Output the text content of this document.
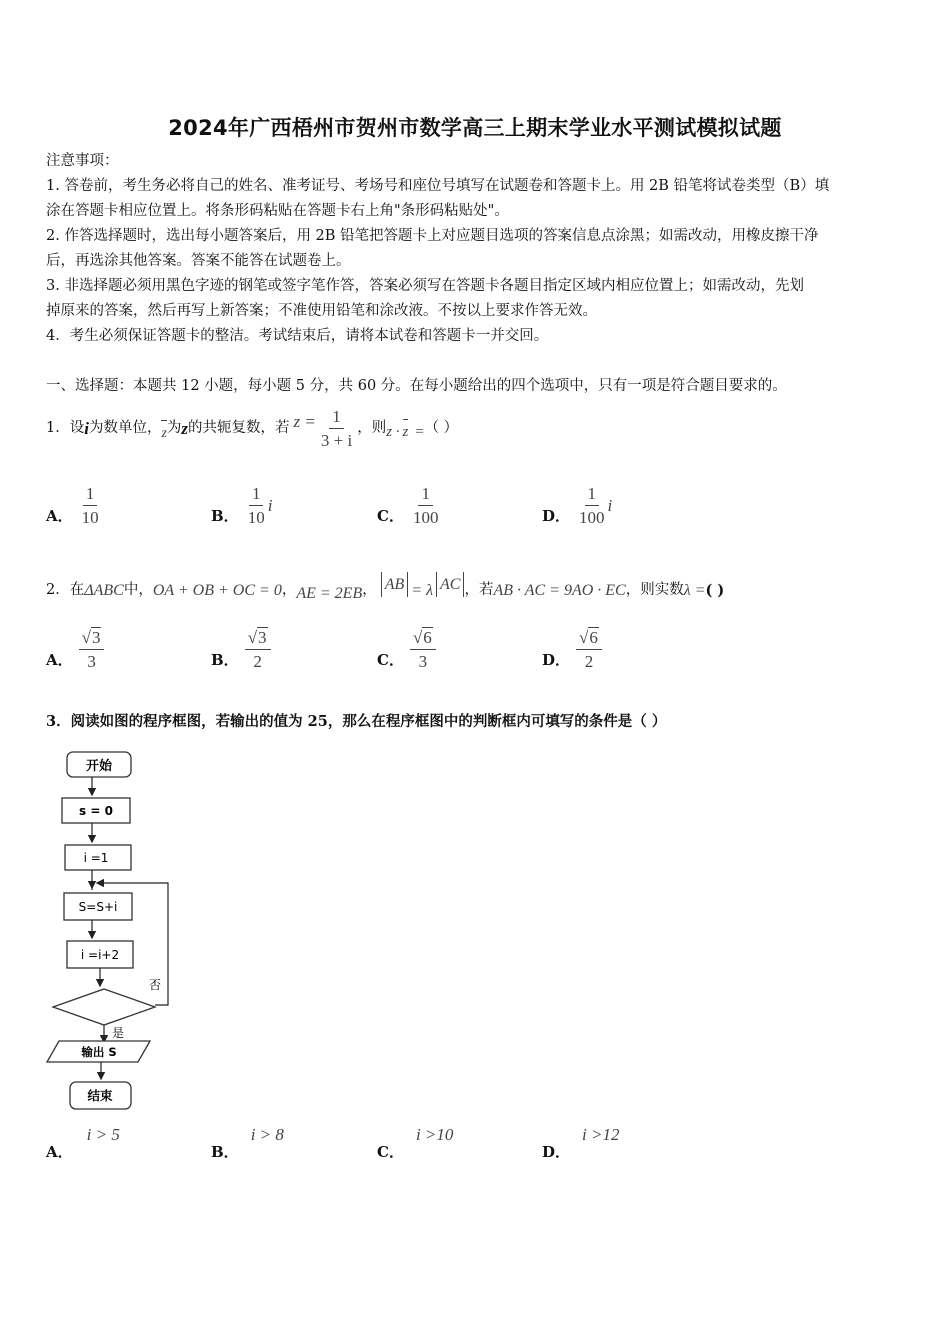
2024年广西梧州市贺州市数学高三上期末学业水平测试模拟试题
注意事项：
1. 答卷前，考生务必将自己的姓名、准考证号、考场号和座位号填写在试题卷和答题卡上。用 2B 铅笔将试卷类型（B）填
涂在答题卡相应位置上。将条形码粘贴在答题卡右上角"条形码粘贴处"。
2. 作答选择题时，选出每小题答案后，用 2B 铅笔把答题卡上对应题目选项的答案信息点涂黑；如需改动，用橡皮擦干净
后，再选涂其他答案。答案不能答在试题卷上。
3. 非选择题必须用黑色字迹的钢笔或签字笔作答，答案必须写在答题卡各题目指定区域内相应位置上；如需改动，先划
掉原来的答案，然后再写上新答案；不准使用铅笔和涂改液。不按以上要求作答无效。
4．考生必须保证答题卡的整洁。考试结束后，请将本试卷和答题卡一并交回。
一、选择题：本题共 12 小题，每小题 5 分，共 60 分。在每小题给出的四个选项中，只有一项是符合题目要求的。
1．设 i 为数单位， z 为 z 的共轭复数，若 $z = \frac{1}{3 + i}$ ，则 z · z = （ ）
A． $\frac{1}{10}$	B． $\frac{1}{10}$ i
C． $\frac{1}{100}$	D． $\frac{1}{100}$ i
2．在 ΔABC 中， OA + OB + OC = 0 ， AE = 2EB ， AB = λ AC ，若 AB · AC = 9AO · EC ，则实数 λ = ( )
A． $\frac{√3}{3}$	B． $\frac{√3}{2}$	C． $\frac{√6}{3}$	D． $\frac{√6}{2}$
3．阅读如图的程序框图，若输出的值为 25，那么在程序框图中的判断框内可填写的条件是（ ）
开始
s = 0
i =1
S=S+i
i =i+2
否
是
输出 S
结束
A．
i > 5
B．
i > 8
C．
i >10
D．
i >12
